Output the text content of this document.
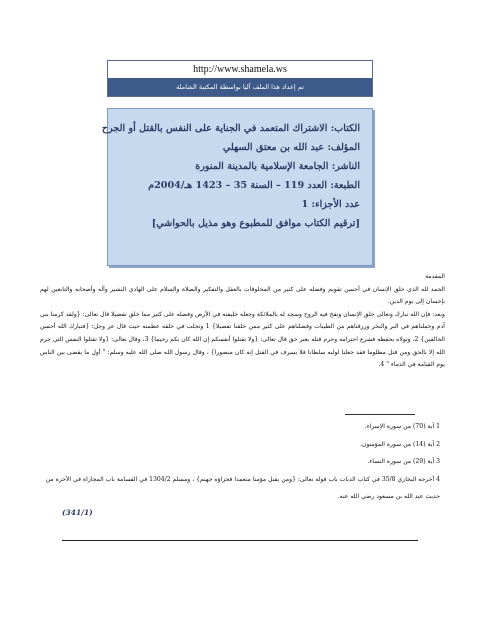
http://www.shamela.ws
تم إعداد هذا الملف آليا بواسطة المكتبة الشاملة
الكتاب: الاشتراك المتعمد في الجناية على النفس بالقتل أو الجرح
المؤلف: عبد الله بن معتق السهلي
الناشر: الجامعة الإسلامية بالمدينة المنورة
الطبعة: العدد 119 – السنة 35 – 1423 هـ/2004م
عدد الأجزاء: 1
[ترقيم الكتاب موافق للمطبوع وهو مذيل بالحواشي]

المقدمة

الحمد لله الذي خلق الإنسان في أحسن تقويم وفضله على كثير من المخلوقات بالعقل والتفكير والصلاة والسلام على الهادي البشير وآله وأصحابه والتابعين لهم بإحسان إلى يوم الدين.

وبعد: فإن الله تبارك وتعالى خلق الإنسان ونفخ فيه الروح وسجد له بالملائكة وجعله خليفته في الأرض وفضله على كثير مما خلق تفضيلا قال تعالى: {ولقد كرمنا بني آدم وحملناهم في البر والبحر ورزقناهم من الطيبات وفضلناهم على كثير ممن خلقنا تفضيلا} 1 وتجلت في خلقه عظمته حيث قال عز وجل: {فتبارك الله أحسن الخالقين} 2، وتولاه بحفظه فشرع احترامه وحرم قتله بغير حق قال تعالى: {ولا تقتلوا أنفسكم إن الله كان بكم رحيما} 3، وقال تعالى: {ولا تقتلوا النفس التي حرم الله إلا بالحق ومن قتل مظلوما فقد جعلنا لوليه سلطانا فلا يسرف في القتل إنه كان منصورا} ، وقال رسول الله صلى الله عليه وسلم: " أول ما يقضى بين الناس يوم القيامة في الدماء " 4.

1 آية (70) من سورة الإسراء.

2 آية (14) من سورة المؤمنون.

3 آية (29) من سورة النساء.

4 أخرجه البخاري 35/8 في كتاب الديات باب قوله تعالى: {ومن يقتل مؤمنا متعمدا فجزاؤه جهنم} ، ومسلم 1304/2 في القسامة باب المجازاة في الآخرة من حديث عبد الله بن مسعود رضي الله عنه.

(341/1)
